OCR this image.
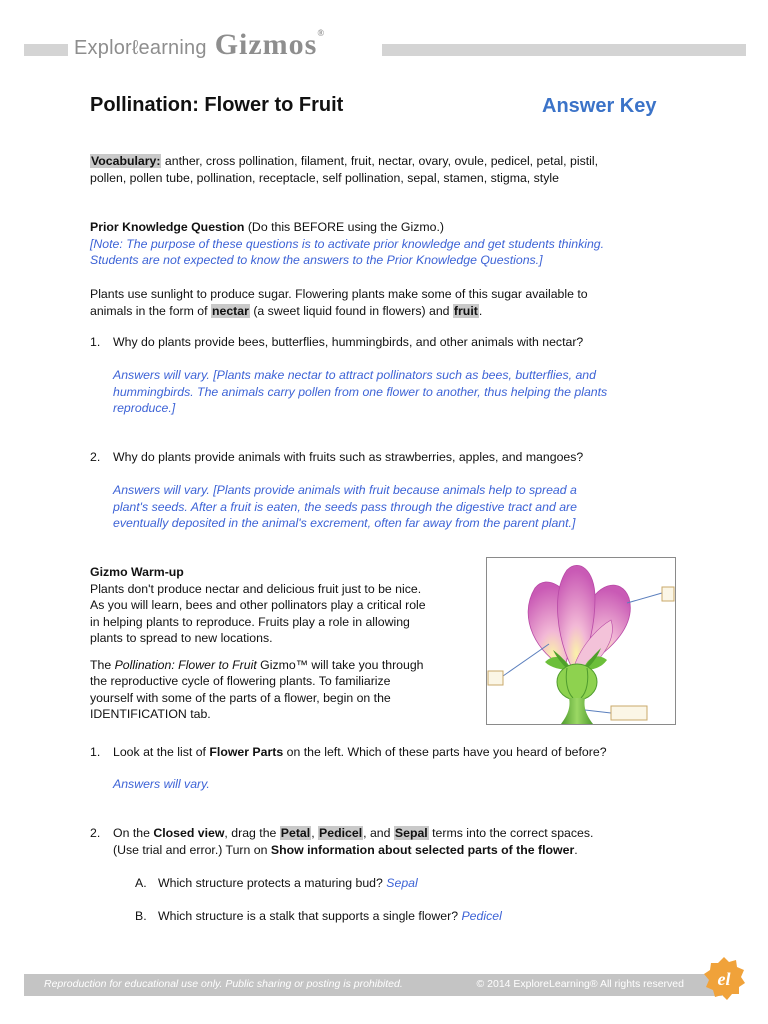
Explorℓearning Gizmos®
Pollination: Flower to Fruit	Answer Key

Vocabulary: anther, cross pollination, filament, fruit, nectar, ovary, ovule, pedicel, petal, pistil,

pollen, pollen tube, pollination, receptacle, self pollination, sepal, stamen, stigma, style

Prior Knowledge Question (Do this BEFORE using the Gizmo.)

[Note: The purpose of these questions is to activate prior knowledge and get students thinking.

Students are not expected to know the answers to the Prior Knowledge Questions.]

Plants use sunlight to produce sugar. Flowering plants make some of this sugar available to

animals in the form of nectar (a sweet liquid found in flowers) and fruit.

1. Why do plants provide bees, butterflies, hummingbirds, and other animals with nectar?

Answers will vary. [Plants make nectar to attract pollinators such as bees, butterflies, and

hummingbirds. The animals carry pollen from one flower to another, thus helping the plants

reproduce.]

2. Why do plants provide animals with fruits such as strawberries, apples, and mangoes?

Answers will vary. [Plants provide animals with fruit because animals help to spread a

plant's seeds. After a fruit is eaten, the seeds pass through the digestive tract and are

eventually deposited in the animal's excrement, often far away from the parent plant.]

Gizmo Warm-up

Plants don't produce nectar and delicious fruit just to be nice.

As you will learn, bees and other pollinators play a critical role

in helping plants to reproduce. Fruits play a role in allowing

plants to spread to new locations.

The Pollination: Flower to Fruit Gizmo™ will take you through

the reproductive cycle of flowering plants. To familiarize

yourself with some of the parts of a flower, begin on the

IDENTIFICATION tab.

1. Look at the list of Flower Parts on the left. Which of these parts have you heard of before?
Answers will vary.
2. On the Closed view, drag the Petal, Pedicel, and Sepal terms into the correct spaces.

(Use trial and error.) Turn on Show information about selected parts of the flower.

A. Which structure protects a maturing bud? Sepal
B. Which structure is a stalk that supports a single flower? Pedicel
Reproduction for educational use only. Public sharing or posting is prohibited.	© 2014 ExploreLearning® All rights reserved el
